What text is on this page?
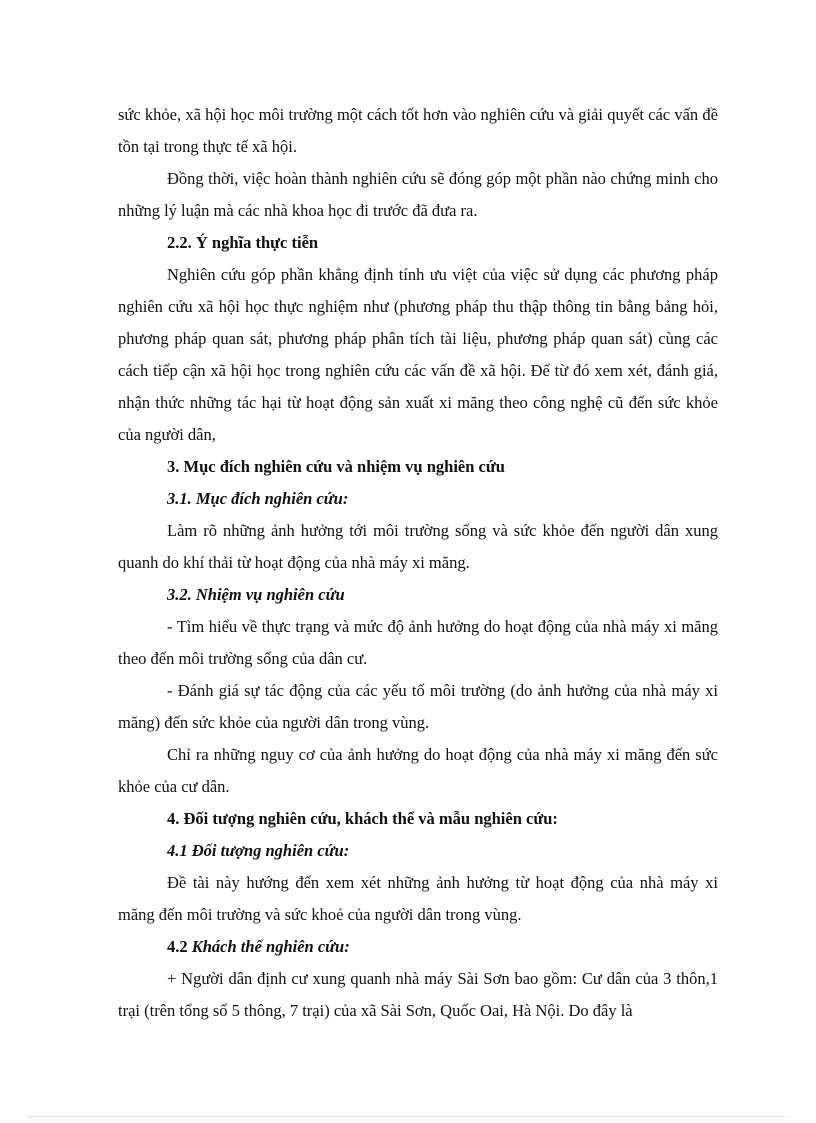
sức khỏe, xã hội học môi trường một cách tốt hơn vào nghiên cứu và giải quyết các vấn đề tồn tại trong thực tế xã hội.

Đồng thời, việc hoàn thành nghiên cứu sẽ đóng góp một phần nào chứng minh cho những lý luận mà các nhà khoa học đi trước đã đưa ra.

2.2. Ý nghĩa thực tiễn

Nghiên cứu góp phần khẳng định tính ưu việt của việc sử dụng các phương pháp nghiên cứu xã hội học thực nghiệm như (phương pháp thu thập thông tin bằng bảng hỏi, phương pháp quan sát, phương pháp phân tích tài liệu, phương pháp quan sát) cùng các cách tiếp cận xã hội học trong nghiên cứu các vấn đề xã hội. Để từ đó xem xét, đánh giá, nhận thức những tác hại từ hoạt động sản xuất xi măng theo công nghệ cũ đến sức khỏe của người dân,

3. Mục đích nghiên cứu và nhiệm vụ nghiên cứu

3.1. Mục đích nghiên cứu:

Làm rõ những ảnh hưởng tới môi trường sống và sức khỏe đến người dân xung quanh do khí thải từ hoạt động của nhà máy xi măng.

3.2. Nhiệm vụ nghiên cứu

- Tìm hiểu về thực trạng và mức độ ảnh hưởng do hoạt động của nhà máy xi măng theo đến môi trường sống của dân cư.

- Đánh giá sự tác động của các yếu tố môi trường (do ảnh hưởng của nhà máy xi măng) đến sức khỏe của người dân trong vùng.

Chỉ ra những nguy cơ của ảnh hưởng do hoạt động của nhà máy xi măng đến sức khỏe của cư dân.

4. Đối tượng nghiên cứu, khách thể và mẫu nghiên cứu:

4.1 Đối tượng nghiên cứu:

Đề tài này hướng đến xem xét những ảnh hưởng từ hoạt động của nhà máy xi măng đến môi trường và sức khoẻ của người dân trong vùng.

4.2 Khách thể nghiên cứu:

+ Người dân định cư xung quanh nhà máy Sài Sơn bao gồm: Cư dân của 3 thôn,1 trại (trên tổng số 5 thông, 7 trại) của xã Sài Sơn, Quốc Oai, Hà Nội. Do đây là
